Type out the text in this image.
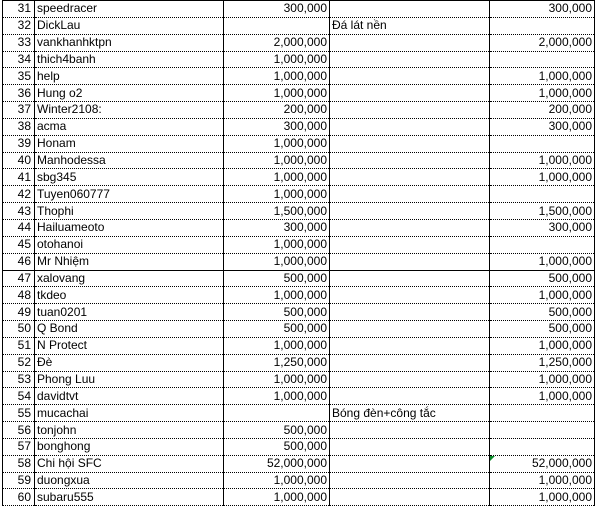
31	speedracer	300,000		300,000
32	DickLau		Đá lát nền	
33	vankhanhktpn	2,000,000		2,000,000
34	thich4banh	1,000,000		
35	help	1,000,000		1,000,000
36	Hung o2	1,000,000		1,000,000
37	Winter2108:	200,000		200,000
38	acma	300,000		300,000
39	Honam	1,000,000		
40	Manhodessa	1,000,000		1,000,000
41	sbg345	1,000,000		1,000,000
42	Tuyen060777	1,000,000		
43	Thophi	1,500,000		1,500,000
44	Hailuameoto	300,000		300,000
45	otohanoi	1,000,000		
46	Mr Nhiệm	1,000,000		1,000,000
47	xalovang	500,000		500,000
48	tkdeo	1,000,000		1,000,000
49	tuan0201	500,000		500,000
50	Q Bond	500,000		500,000
51	N Protect	1,000,000		1,000,000
52	Đè	1,250,000		1,250,000
53	Phong Luu	1,000,000		1,000,000
54	davidtvt	1,000,000		1,000,000
55	mucachai		Bóng đèn+công tắc	
56	tonjohn	500,000		
57	bonghong	500,000		
58	Chi hội SFC	52,000,000		52,000,000
59	duongxua	1,000,000		1,000,000
60	subaru555	1,000,000		1,000,000
